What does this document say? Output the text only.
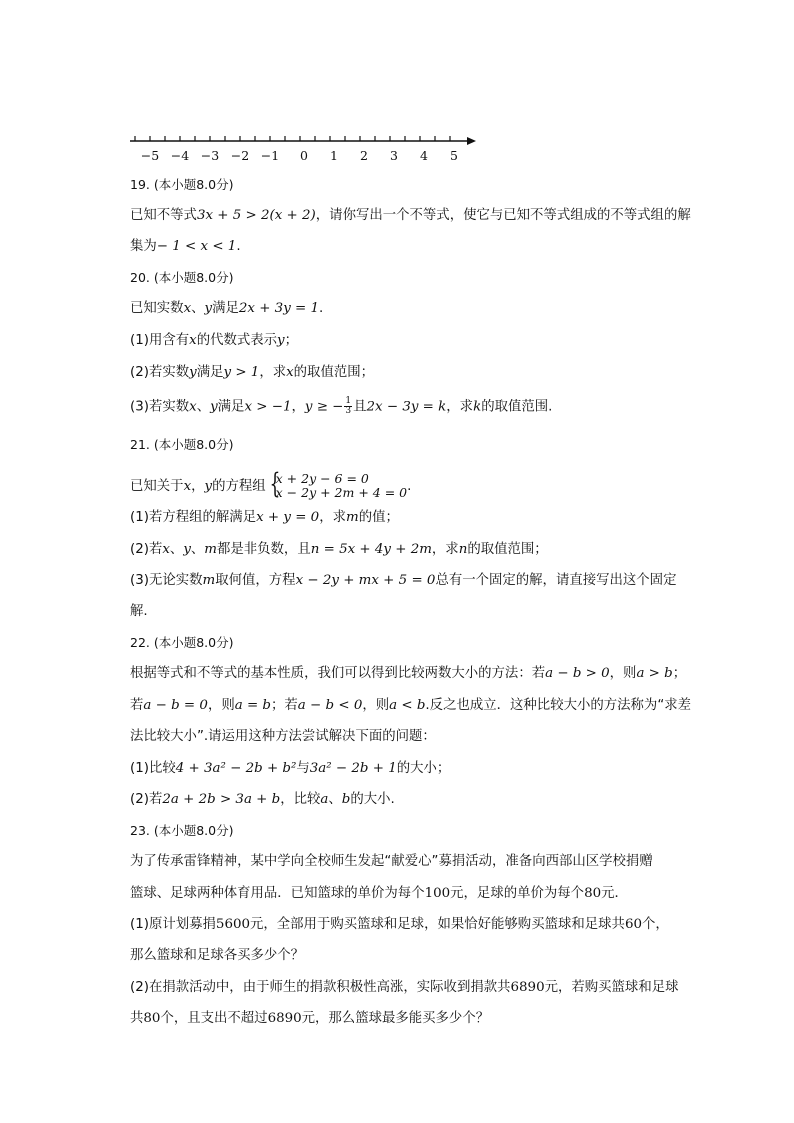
−5 −4 −3 −2 −1 0 1 2 3 4 5
19. (本小题8.0分)
已知不等式3x + 5 > 2(x + 2)，请你写出一个不等式，使它与已知不等式组成的不等式组的解
集为− 1 < x < 1.
20. (本小题8.0分)
已知实数x、y满足2x + 3y = 1.
(1)用含有x的代数式表示y；
(2)若实数y满足y > 1，求x的取值范围；
(3)若实数x、y满足x > −1，y ≥ − $\frac{1}{3}$ 且2x − 3y = k，求k的取值范围.
21. (本小题8.0分)
已知关于x，y的方程组 {
x + 2y − 6 = 0
x − 2y + 2m + 4 = 0 .
(1)若方程组的解满足x + y = 0，求m的值；
(2)若x、y、m都是非负数，且n = 5x + 4y + 2m，求n的取值范围；
(3)无论实数m取何值，方程x − 2y + mx + 5 = 0总有一个固定的解，请直接写出这个固定
解.
22. (本小题8.0分)
根据等式和不等式的基本性质，我们可以得到比较两数大小的方法：若a − b > 0，则a > b；
若a − b = 0，则a = b；若a − b < 0，则a < b.反之也成立．这种比较大小的方法称为“求差
法比较大小”.请运用这种方法尝试解决下面的问题：
(1)比较4 + 3a² − 2b + b²与3a² − 2b + 1的大小；
(2)若2a + 2b > 3a + b，比较a、b的大小.
23. (本小题8.0分)
为了传承雷锋精神，某中学向全校师生发起“献爱心”募捐活动，准备向西部山区学校捐赠
篮球、足球两种体育用品．已知篮球的单价为每个100元，足球的单价为每个80元．
(1)原计划募捐5600元，全部用于购买篮球和足球，如果恰好能够购买篮球和足球共60个，
那么篮球和足球各买多少个？
(2)在捐款活动中，由于师生的捐款积极性高涨，实际收到捐款共6890元，若购买篮球和足球
共80个，且支出不超过6890元，那么篮球最多能买多少个？
